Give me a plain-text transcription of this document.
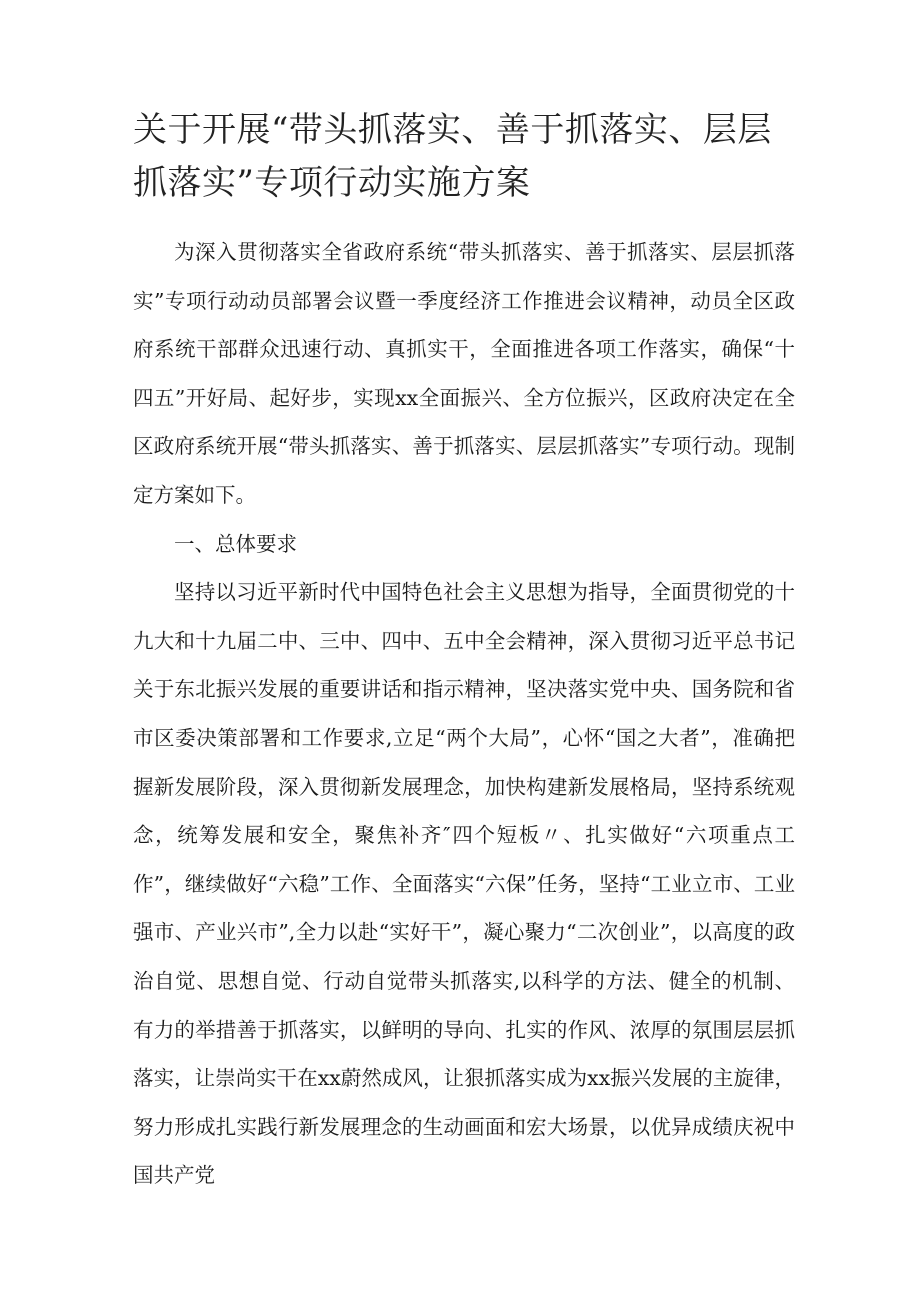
关于开展“带头抓落实、善于抓落实、层层抓落实”专项行动实施方案

为深入贯彻落实全省政府系统“带头抓落实、善于抓落实、层层抓落实”专项行动动员部署会议暨一季度经济工作推进会议精神，动员全区政府系统干部群众迅速行动、真抓实干，全面推进各项工作落实，确保“十四五”开好局、起好步，实现xx全面振兴、全方位振兴，区政府决定在全区政府系统开展“带头抓落实、善于抓落实、层层抓落实”专项行动。现制定方案如下。

一、总体要求

坚持以习近平新时代中国特色社会主义思想为指导，全面贯彻党的十九大和十九届二中、三中、四中、五中全会精神，深入贯彻习近平总书记关于东北振兴发展的重要讲话和指示精神，坚决落实党中央、国务院和省市区委决策部署和工作要求,立足“两个大局”，心怀“国之大者”，准确把握新发展阶段，深入贯彻新发展理念，加快构建新发展格局，坚持系统观念，统筹发展和安全，聚焦补齐″四个短板〃、扎实做好“六项重点工作”，继续做好“六稳”工作、全面落实“六保”任务，坚持“工业立市、工业强市、产业兴市”,全力以赴“实好干”，凝心聚力“二次创业”，以高度的政治自觉、思想自觉、行动自觉带头抓落实,以科学的方法、健全的机制、有力的举措善于抓落实，以鲜明的导向、扎实的作风、浓厚的氛围层层抓落实，让崇尚实干在xx蔚然成风，让狠抓落实成为xx振兴发展的主旋律，努力形成扎实践行新发展理念的生动画面和宏大场景，以优异成绩庆祝中国共产党
